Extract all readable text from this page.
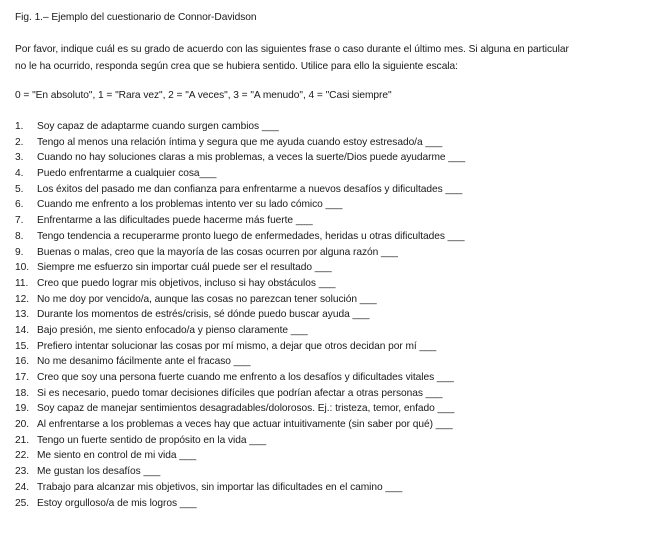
Fig. 1.– Ejemplo del cuestionario de Connor-Davidson

Por favor, indique cuál es su grado de acuerdo con las siguientes frase o caso durante el último mes. Si alguna en particular
no le ha ocurrido, responda según crea que se hubiera sentido. Utilice para ello la siguiente escala:

0 = "En absoluto", 1 = "Rara vez", 2 = "A veces", 3 = "A menudo", 4 = "Casi siempre"

1.	Soy capaz de adaptarme cuando surgen cambios ___
2.	Tengo al menos una relación íntima y segura que me ayuda cuando estoy estresado/a ___
3.	Cuando no hay soluciones claras a mis problemas, a veces la suerte/Dios puede ayudarme ___
4.	Puedo enfrentarme a cualquier cosa___
5.	Los éxitos del pasado me dan confianza para enfrentarme a nuevos desafíos y dificultades ___
6.	Cuando me enfrento a los problemas intento ver su lado cómico ___
7.	Enfrentarme a las dificultades puede hacerme más fuerte ___
8.	Tengo tendencia a recuperarme pronto luego de enfermedades, heridas u otras dificultades ___
9.	Buenas o malas, creo que la mayoría de las cosas ocurren por alguna razón ___
10. Siempre me esfuerzo sin importar cuál puede ser el resultado ___
11. Creo que puedo lograr mis objetivos, incluso si hay obstáculos ___
12. No me doy por vencido/a, aunque las cosas no parezcan tener solución ___
13. Durante los momentos de estrés/crisis, sé dónde puedo buscar ayuda ___
14. Bajo presión, me siento enfocado/a y pienso claramente ___
15. Prefiero intentar solucionar las cosas por mí mismo, a dejar que otros decidan por mí ___
16. No me desanimo fácilmente ante el fracaso ___
17. Creo que soy una persona fuerte cuando me enfrento a los desafíos y dificultades vitales ___
18. Si es necesario, puedo tomar decisiones difíciles que podrían afectar a otras personas ___
19. Soy capaz de manejar sentimientos desagradables/dolorosos. Ej.: tristeza, temor, enfado ___
20. Al enfrentarse a los problemas a veces hay que actuar intuitivamente (sin saber por qué) ___
21. Tengo un fuerte sentido de propósito en la vida ___
22. Me siento en control de mi vida ___
23. Me gustan los desafíos ___
24. Trabajo para alcanzar mis objetivos, sin importar las dificultades en el camino ___
25. Estoy orgulloso/a de mis logros ___
